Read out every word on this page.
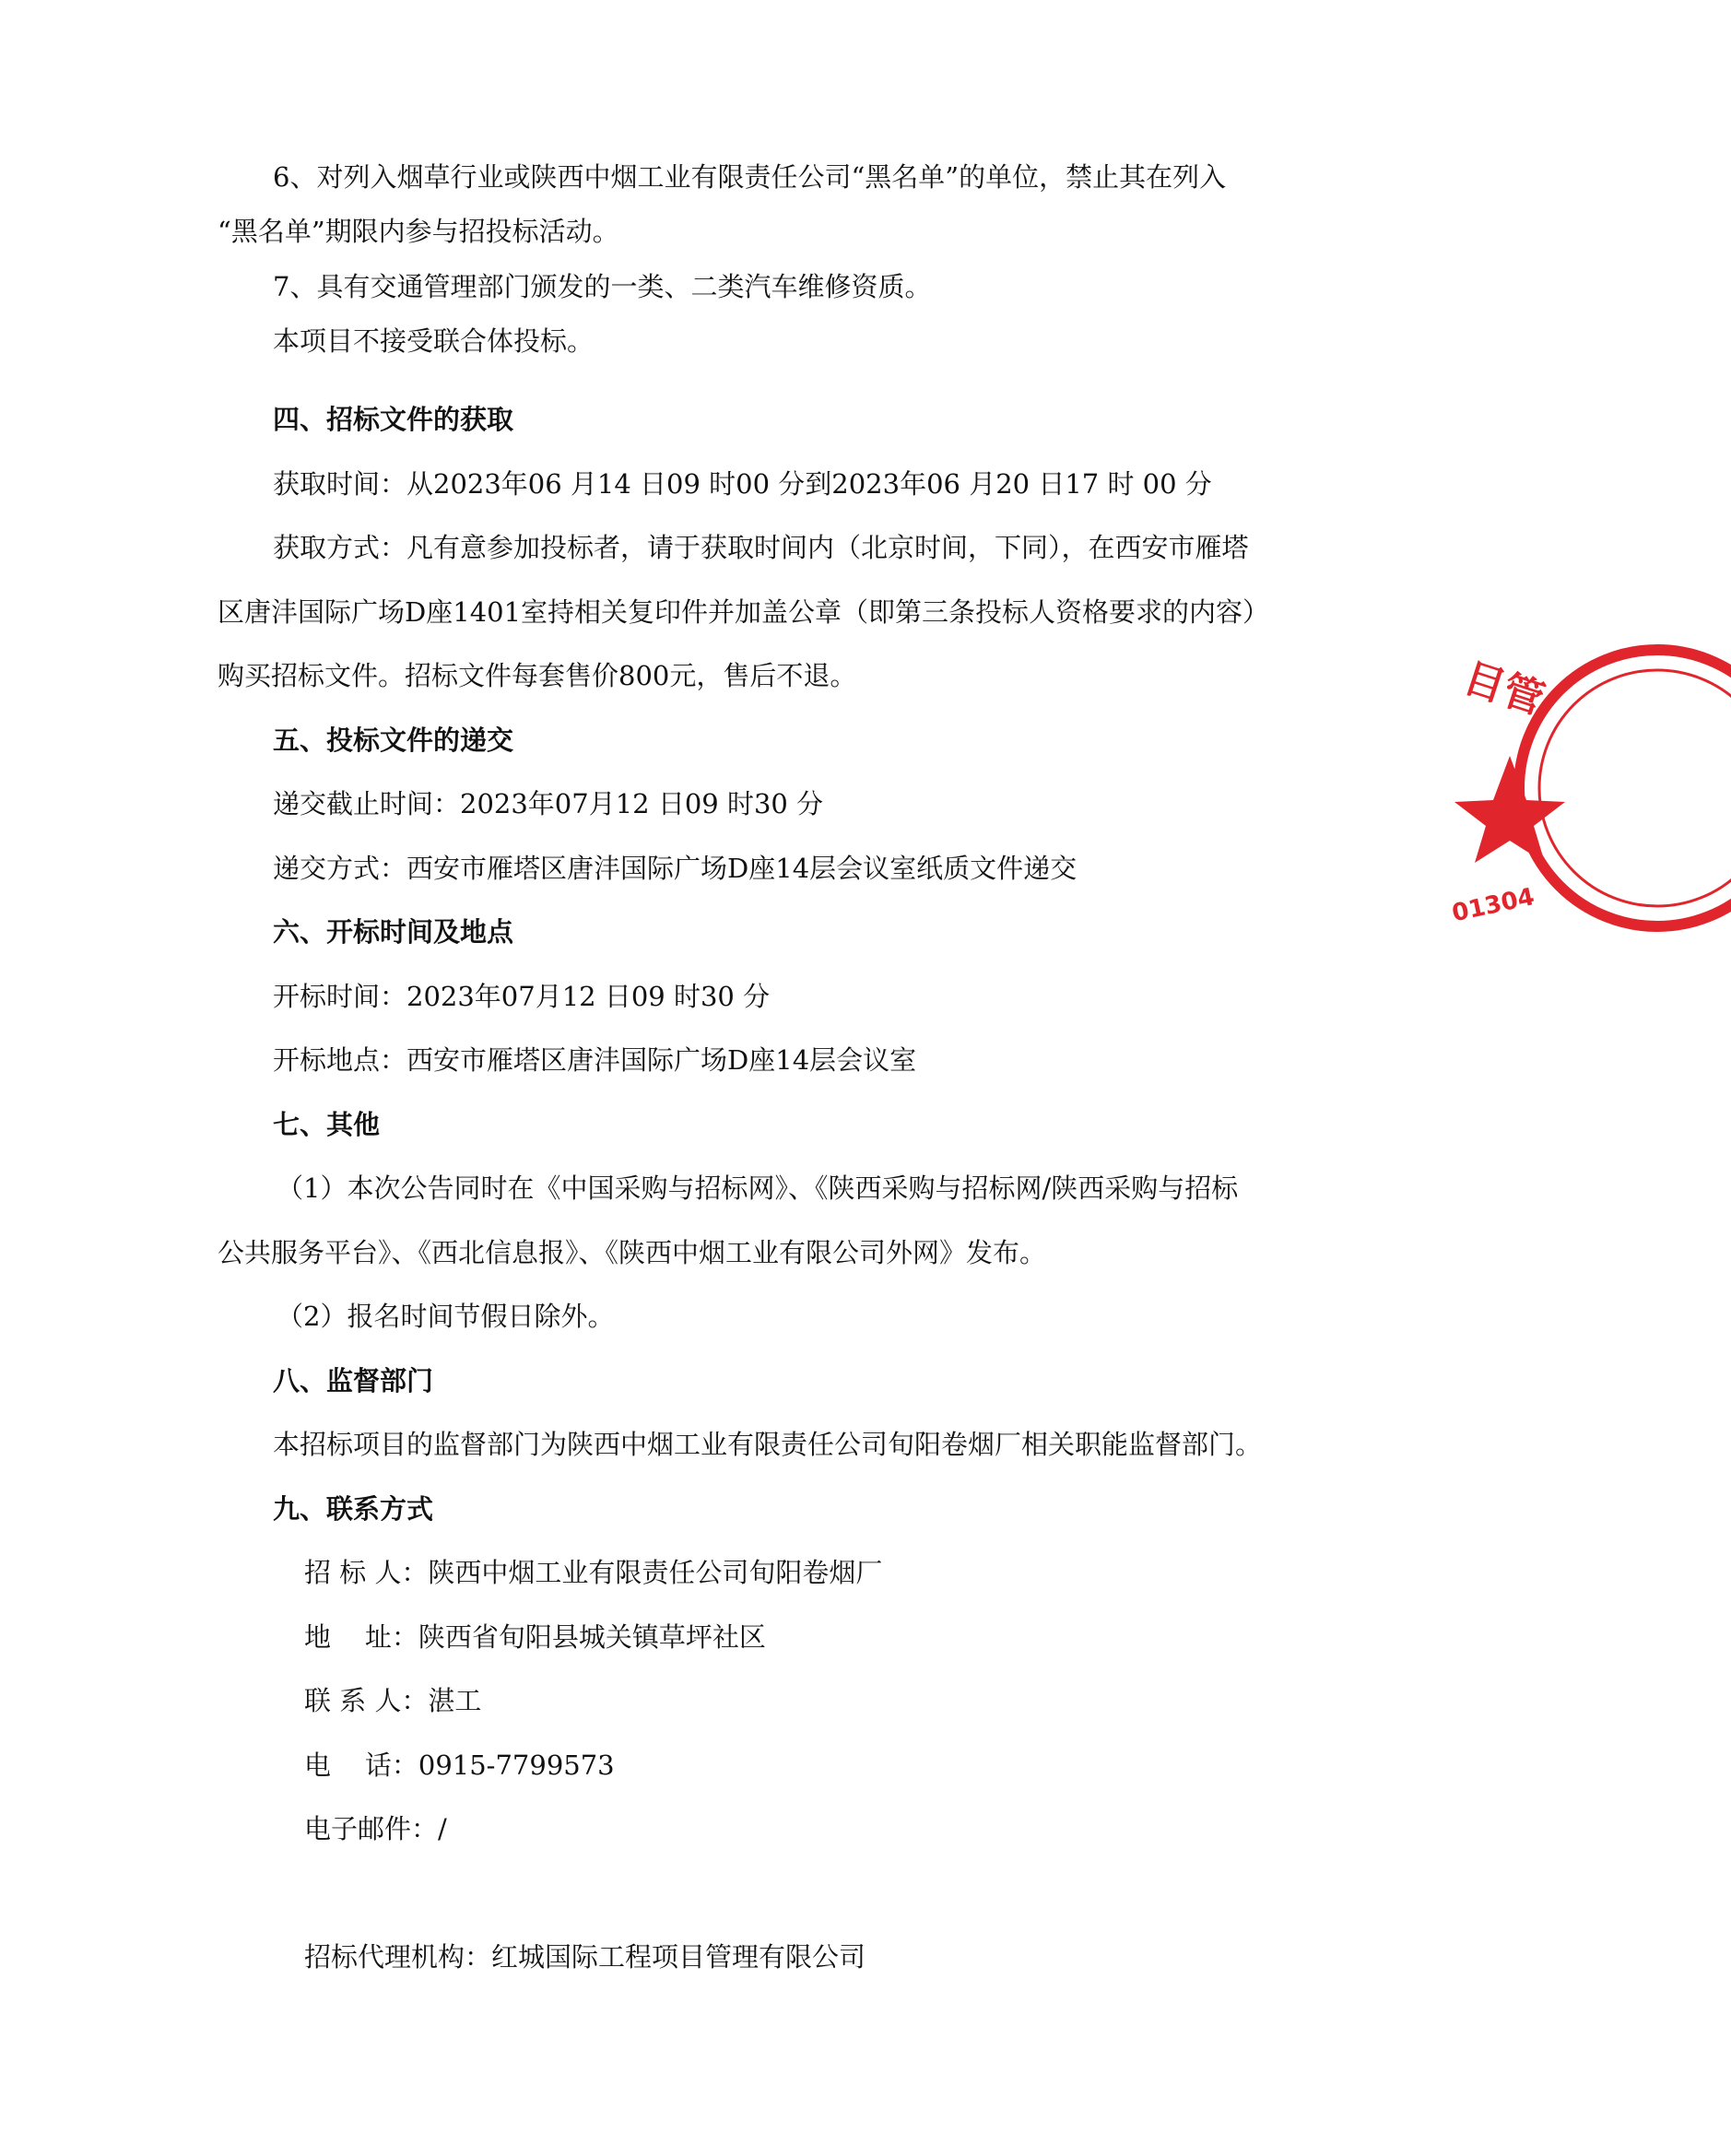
6、对列入烟草行业或陕西中烟工业有限责任公司“黑名单”的单位，禁止其在列入

“黑名单”期限内参与招投标活动。

7、具有交通管理部门颁发的一类、二类汽车维修资质。

本项目不接受联合体投标。

四、招标文件的获取

获取时间：从2023年06 月14 日09 时00 分到2023年06 月20 日17 时 00 分

获取方式：凡有意参加投标者，请于获取时间内（北京时间，下同），在西安市雁塔

区唐沣国际广场D座1401室持相关复印件并加盖公章（即第三条投标人资格要求的内容）

购买招标文件。招标文件每套售价800元，售后不退。

五、投标文件的递交

递交截止时间：2023年07月12 日09 时30 分

递交方式：西安市雁塔区唐沣国际广场D座14层会议室纸质文件递交

六、开标时间及地点

开标时间：2023年07月12 日09 时30 分

开标地点：西安市雁塔区唐沣国际广场D座14层会议室

七、其他

（1）本次公告同时在《中国采购与招标网》、《陕西采购与招标网/陕西采购与招标

公共服务平台》、《西北信息报》、《陕西中烟工业有限公司外网》发布。

（2）报名时间节假日除外。

八、监督部门

本招标项目的监督部门为陕西中烟工业有限责任公司旬阳卷烟厂相关职能监督部门。

九、联系方式

招 标 人：陕西中烟工业有限责任公司旬阳卷烟厂

地    址：陕西省旬阳县城关镇草坪社区

联 系 人：湛工

电    话：0915-7799573

电子邮件：/

招标代理机构：红城国际工程项目管理有限公司

目管
01304
